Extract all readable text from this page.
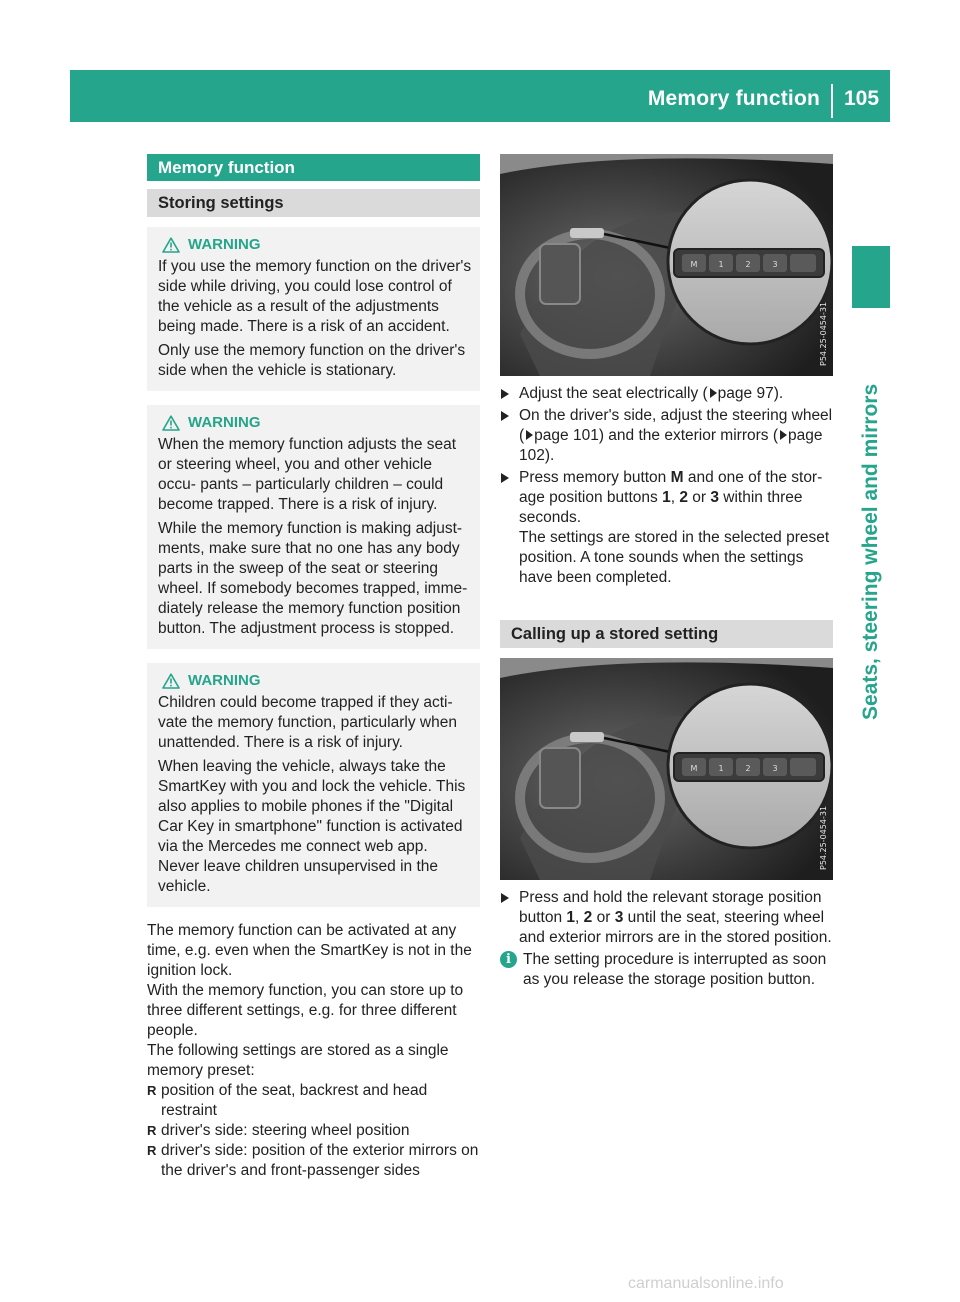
Memory function	105
Seats, steering wheel and mirrors
Memory function
Storing settings
WARNING

If you use the memory function on the driver's side while driving, you could lose control of the vehicle as a result of the adjustments being made. There is a risk of an accident.

Only use the memory function on the driver's side when the vehicle is stationary.

WARNING

When the memory function adjusts the seat or steering wheel, you and other vehicle occu- pants – particularly children – could become trapped. There is a risk of injury.

While the memory function is making adjust- ments, make sure that no one has any body parts in the sweep of the seat or steering wheel. If somebody becomes trapped, imme- diately release the memory function position button. The adjustment process is stopped.

WARNING

Children could become trapped if they acti- vate the memory function, particularly when unattended. There is a risk of injury.

When leaving the vehicle, always take the SmartKey with you and lock the vehicle. This also applies to mobile phones if the "Digital Car Key in smartphone" function is activated via the Mercedes me connect web app. Never leave children unsupervised in the vehicle.

The memory function can be activated at any time, e.g. even when the SmartKey is not in the ignition lock.

With the memory function, you can store up to three different settings, e.g. for three different people.

The following settings are stored as a single memory preset:

R position of the seat, backrest and head restraint
R driver's side: steering wheel position
R driver's side: position of the exterior mirrors on the driver's and front-passenger sides
M	1	2	3
P54.25-0454-31
Adjust the seat electrically ( page 97).
On the driver's side, adjust the steering wheel ( page 101) and the exterior mirrors ( page 102).
Press memory button M and one of the stor- age position buttons 1, 2 or 3 within three seconds.
The settings are stored in the selected preset position. A tone sounds when the settings have been completed.
Calling up a stored setting
M	1	2	3
P54.25-0454-31
Press and hold the relevant storage position button 1, 2 or 3 until the seat, steering wheel and exterior mirrors are in the stored position.
i The setting procedure is interrupted as soon as you release the storage position button.
carmanualsonline.info
